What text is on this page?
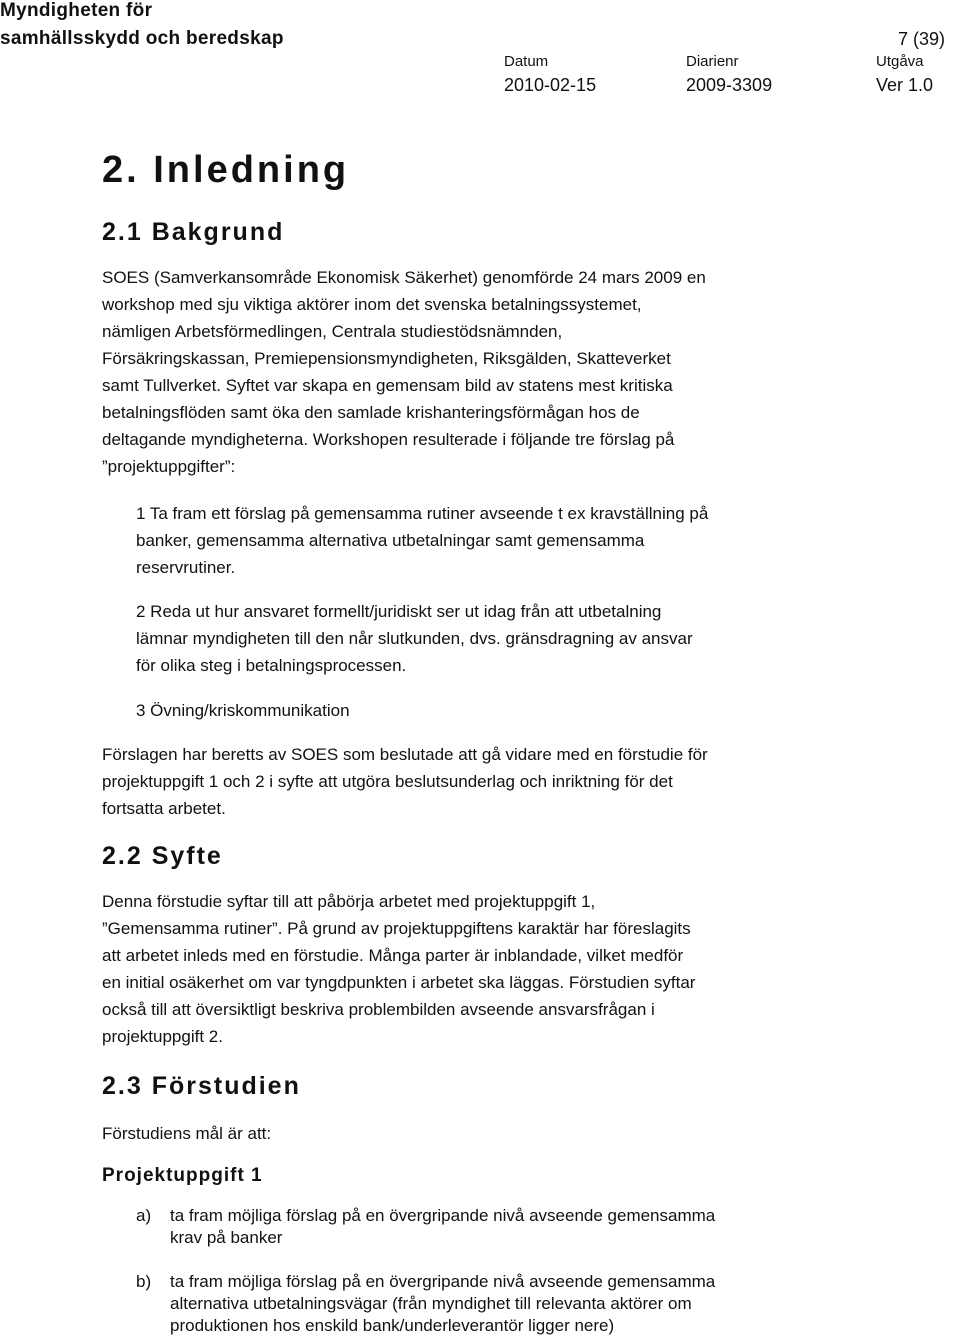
Myndigheten för
samhällsskydd och beredskap	7 (39)
Datum
2010-02-15
Diarienr
2009-3309
Utgåva
Ver 1.0
2. Inledning
2.1 Bakgrund
SOES (Samverkansområde Ekonomisk Säkerhet) genomförde 24 mars 2009 en
workshop med sju viktiga aktörer inom det svenska betalningssystemet,
nämligen Arbetsförmedlingen, Centrala studiestödsnämnden,
Försäkringskassan, Premiepensionsmyndigheten, Riksgälden, Skatteverket
samt Tullverket. Syftet var skapa en gemensam bild av statens mest kritiska
betalningsflöden samt öka den samlade krishanteringsförmågan hos de
deltagande myndigheterna. Workshopen resulterade i följande tre förslag på
”projektuppgifter”:
1 Ta fram ett förslag på gemensamma rutiner avseende t ex kravställning på
banker, gemensamma alternativa utbetalningar samt gemensamma
reservrutiner.
2 Reda ut hur ansvaret formellt/juridiskt ser ut idag från att utbetalning
lämnar myndigheten till den når slutkunden, dvs. gränsdragning av ansvar
för olika steg i betalningsprocessen.
3 Övning/kriskommunikation
Förslagen har beretts av SOES som beslutade att gå vidare med en förstudie för
projektuppgift 1 och 2 i syfte att utgöra beslutsunderlag och inriktning för det
fortsatta arbetet.
2.2 Syfte
Denna förstudie syftar till att påbörja arbetet med projektuppgift 1,
”Gemensamma rutiner”. På grund av projektuppgiftens karaktär har föreslagits
att arbetet inleds med en förstudie. Många parter är inblandade, vilket medför
en initial osäkerhet om var tyngdpunkten i arbetet ska läggas. Förstudien syftar
också till att översiktligt beskriva problembilden avseende ansvarsfrågan i
projektuppgift 2.
2.3 Förstudien
Förstudiens mål är att:
Projektuppgift 1
a) ta fram möjliga förslag på en övergripande nivå avseende gemensamma
krav på banker
b) ta fram möjliga förslag på en övergripande nivå avseende gemensamma
alternativa utbetalningsvägar (från myndighet till relevanta aktörer om
produktionen hos enskild bank/underleverantör ligger nere)
